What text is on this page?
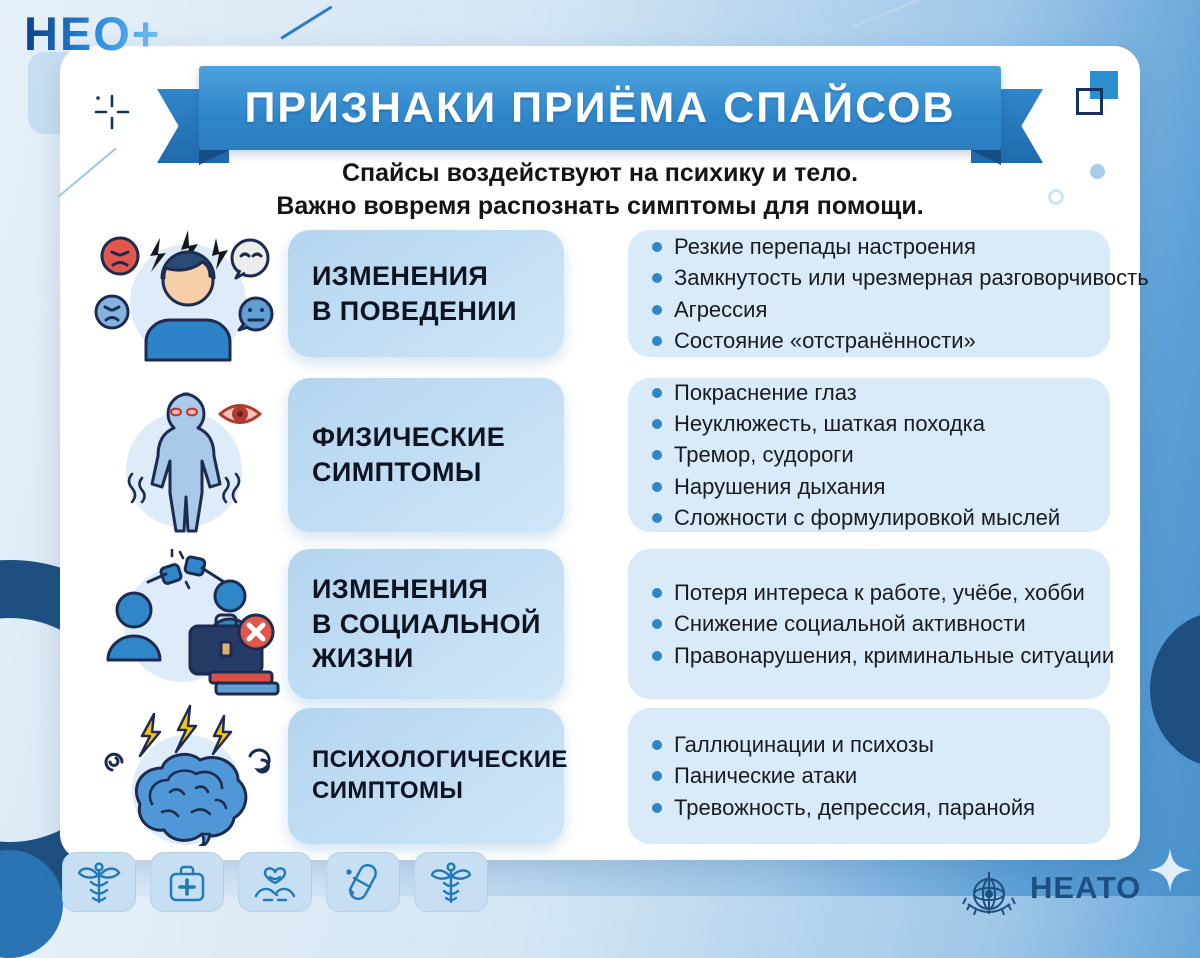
НЕО+
ПРИЗНАКИ ПРИЁМА СПАЙСОВ
Спайсы воздействуют на психику и тело.
Важно вовремя распознать симптомы для помощи.
ИЗМЕНЕНИЯ
В ПОВЕДЕНИИ
Резкие перепады настроения
Замкнутость или чрезмерная разговорчивость
Агрессия
Состояние «отстранённости»
ФИЗИЧЕСКИЕ
СИМПТОМЫ
Покраснение глаз
Неуклюжесть, шаткая походка
Тремор, судороги
Нарушения дыхания
Сложности с формулировкой мыслей
ИЗМЕНЕНИЯ
В СОЦИАЛЬНОЙ
ЖИЗНИ
Потеря интереса к работе, учёбе, хобби
Снижение социальной активности
Правонарушения, криминальные ситуации
ПСИХОЛОГИЧЕСКИЕ
СИМПТОМЫ
Галлюцинации и психозы
Панические атаки
Тревожность, депрессия, паранойя
НЕАТО
